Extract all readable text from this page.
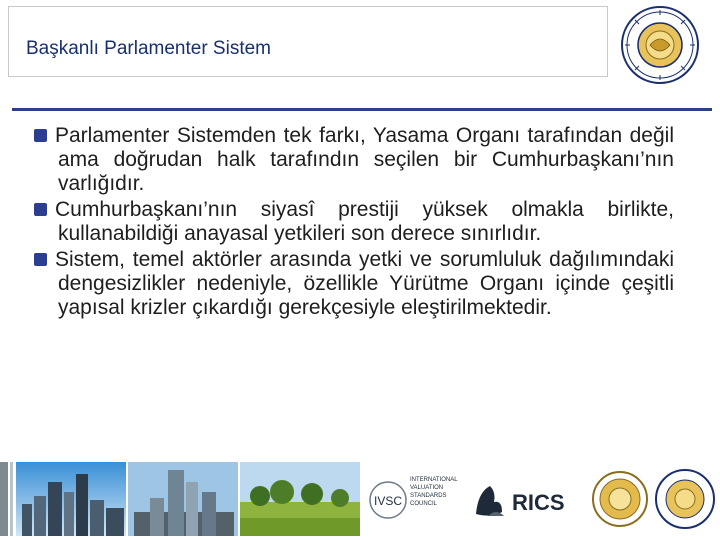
Başkanlı Parlamenter Sistem

Parlamenter Sistemden tek farkı, Yasama Organı tarafından değil ama doğrudan halk tarafındın seçilen bir Cumhurbaşkanı’nın varlığıdır.

Cumhurbaşkanı’nın siyasî prestiji yüksek olmakla birlikte, kullanabildiği anayasal yetkileri son derece sınırlıdır.

Sistem, temel aktörler arasında yetki ve sorumluluk dağılımındaki dengesizlikler nedeniyle, özellikle Yürütme Organı içinde çeşitli yapısal krizler çıkardığı gerekçesiyle eleştirilmektedir.

IVSC
INTERNATIONAL VALUATION STANDARDS COUNCIL	RICS
